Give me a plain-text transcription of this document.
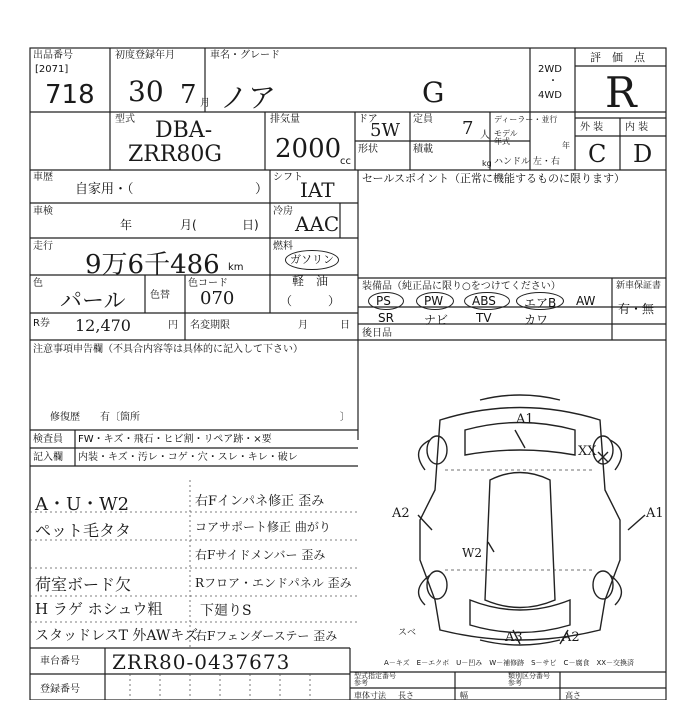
出品番号
[2071]
718
初度登録年月
30 7 月
車名・グレード
ノア	G
2WD
・
4WD
評　価　点
R
型式 DBA-
ZRR80G
排気量
2000
cc
ドア
5W
定員 7 人
ディーラー・並行
モデル
年式	年
形状	積載
kg ハンドル 左・右
外 装 内 装
C D
車歴
自家用・（	）
シフト
IAT
車検
年	月(	日)
冷房
AAC
走行
9万6千486 km
燃料
ガソリン
軽　油
（　　　）
色
パール 色替
色コード
070
R券 12,470	円 名変期限	月	日
注意事項申告欄（不具合内容等は具体的に記入して下さい）
修復歴　　有〔箇所	〕
検査員 FW・キズ・飛石・ヒビ割・リペア跡・×要
記入欄 内装・キズ・汚レ・コゲ・穴・スレ・キレ・破レ
A・U・W2
ペット毛タタ
荷室ボード欠
H ラゲ ホシュウ粗
スタッドレスT 外AWキズ
右Fインパネ修正 歪み
コアサポート修正 曲がり
右Fサイドメンバー 歪み
Rフロア・エンドパネル 歪み
下廻りS
右Fフェンダーステー 歪み
車台番号 ZRR80-0437673
登録番号
セールスポイント（正常に機能するものに限ります）
装備品（純正品に限り○をつけてください）	新車保証書
有・無
PS	PW ABS エアB AW
SR	ナビ TV	カワ
後日品
A1
XX
A2	A1
W2
A3	A2
スベ
A－キズ　E－エクボ　U－凹み　W－補修跡　S－サビ　C－腐食　XX－交換済
型式指定番号
参考
類別区分番号
参考
車体寸法 長さ	幅	高さ
